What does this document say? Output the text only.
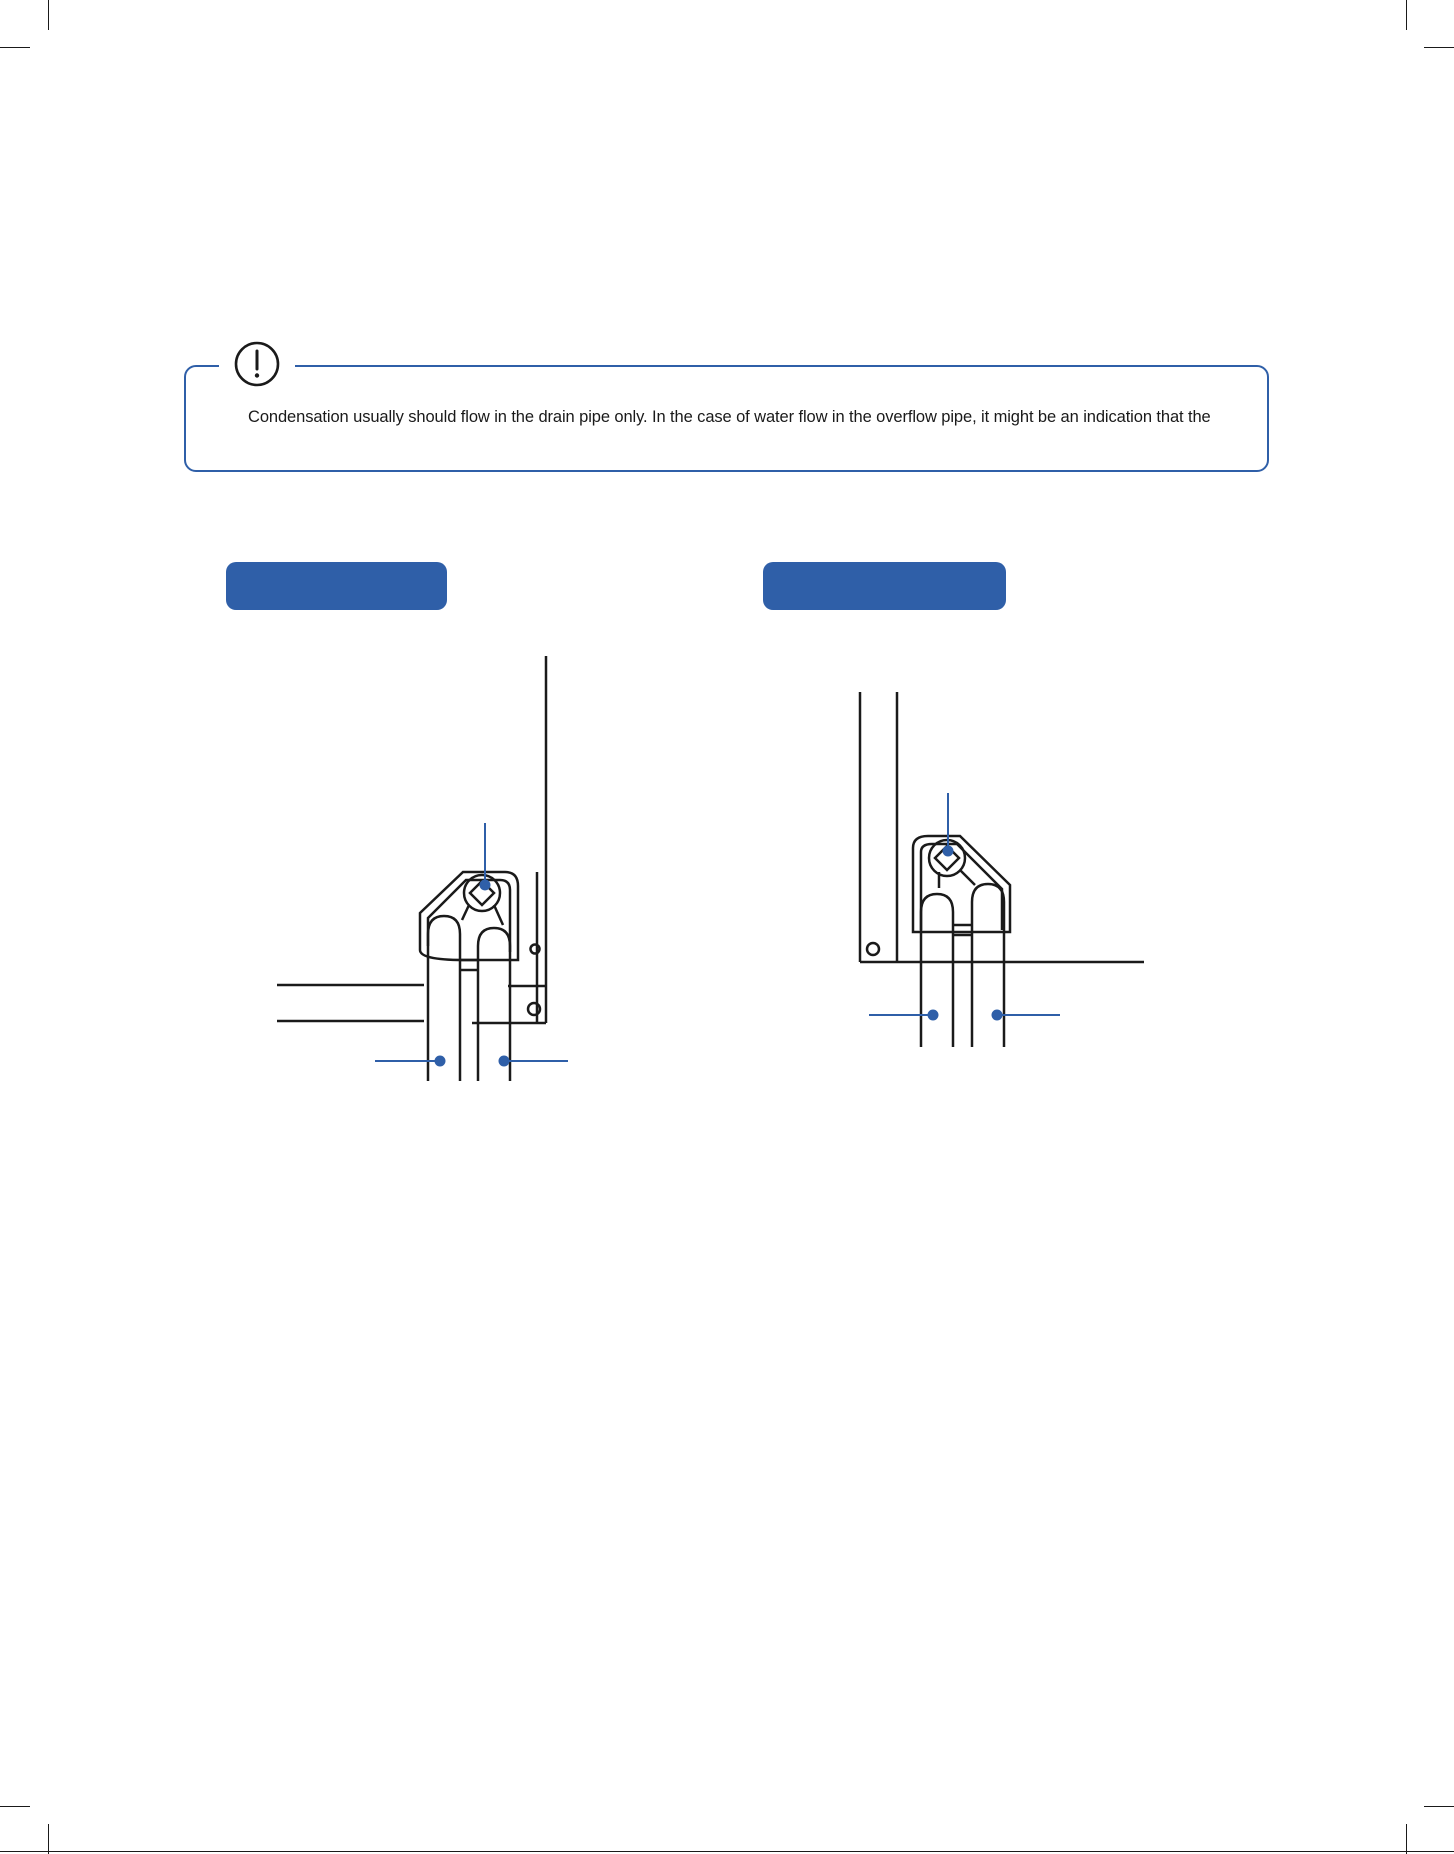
Condensation usually should flow in the drain pipe only. In the case of water flow in the overflow pipe, it might be an indication that the
